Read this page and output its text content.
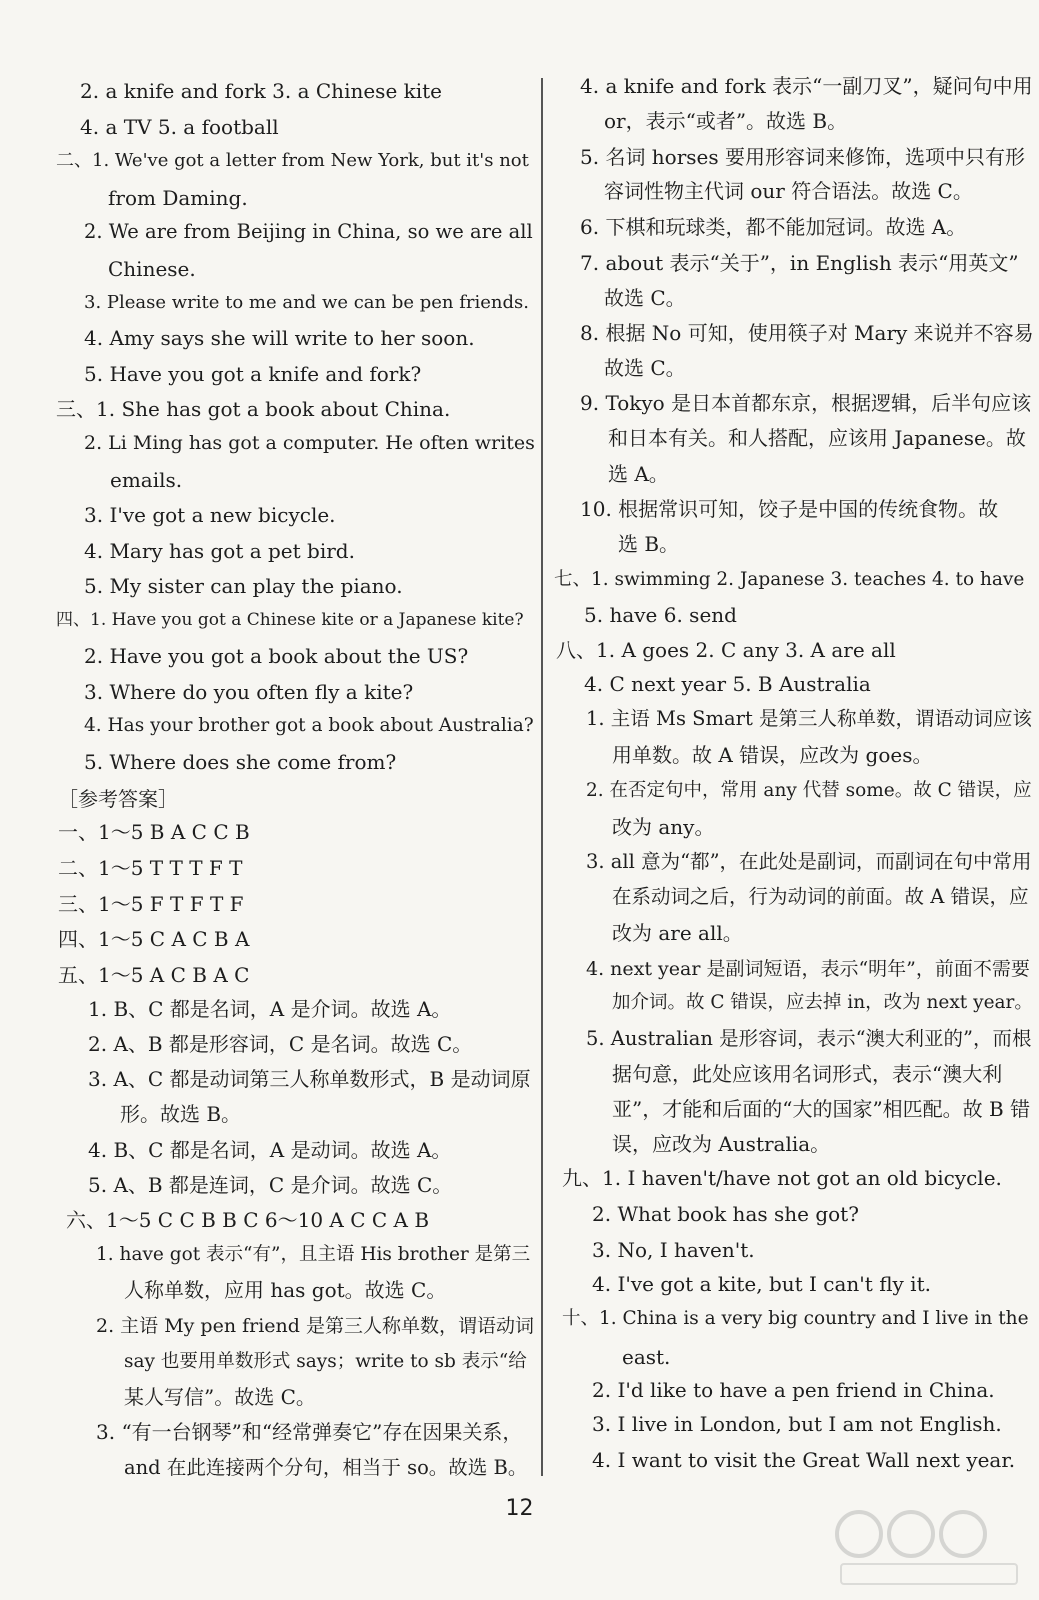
［参考答案］
2. a knife and fork 3. a Chinese kite
4. a TV 5. a football
二、1. We've got a letter from New York, but it's not
from Daming.
2. We are from Beijing in China, so we are all
Chinese.
3. Please write to me and we can be pen friends.
4. Amy says she will write to her soon.
5. Have you got a knife and fork?
三、1. She has got a book about China.
2. Li Ming has got a computer. He often writes
emails.
3. I've got a new bicycle.
4. Mary has got a pet bird.
5. My sister can play the piano.
四、1. Have you got a Chinese kite or a Japanese kite?
2. Have you got a book about the US?
3. Where do you often fly a kite?
4. Has your brother got a book about Australia?
5. Where does she come from?
一、1～5 B A C C B
二、1～5 T T T F T
三、1～5 F T F T F
四、1～5 C A C B A
五、1～5 A C B A C
1. B、C 都是名词，A 是介词。故选 A。
2. A、B 都是形容词，C 是名词。故选 C。
3. A、C 都是动词第三人称单数形式，B 是动词原
形。故选 B。
4. B、C 都是名词，A 是动词。故选 A。
5. A、B 都是连词，C 是介词。故选 C。
六、1～5 C C B B C 6～10 A C C A B
1. have got 表示“有”，且主语 His brother 是第三
人称单数，应用 has got。故选 C。
2. 主语 My pen friend 是第三人称单数，谓语动词
say 也要用单数形式 says；write to sb 表示“给
某人写信”。故选 C。
3. “有一台钢琴”和“经常弹奏它”存在因果关系，
and 在此连接两个分句，相当于 so。故选 B。
4. a knife and fork 表示“一副刀叉”，疑问句中用
or，表示“或者”。故选 B。
5. 名词 horses 要用形容词来修饰，选项中只有形
容词性物主代词 our 符合语法。故选 C。
6. 下棋和玩球类，都不能加冠词。故选 A。
7. about 表示“关于”，in English 表示“用英文”
故选 C。
8. 根据 No 可知，使用筷子对 Mary 来说并不容易
故选 C。
9. Tokyo 是日本首都东京，根据逻辑，后半句应该
和日本有关。和人搭配，应该用 Japanese。故
选 A。
10. 根据常识可知，饺子是中国的传统食物。故
选 B。
七、1. swimming 2. Japanese 3. teaches 4. to have
5. have 6. send
八、1. A goes 2. C any 3. A are all
4. C next year 5. B Australia
1. 主语 Ms Smart 是第三人称单数，谓语动词应该
用单数。故 A 错误，应改为 goes。
2. 在否定句中，常用 any 代替 some。故 C 错误，应
改为 any。
3. all 意为“都”，在此处是副词，而副词在句中常用
在系动词之后，行为动词的前面。故 A 错误，应
改为 are all。
4. next year 是副词短语，表示“明年”，前面不需要
加介词。故 C 错误，应去掉 in，改为 next year。
5. Australian 是形容词，表示“澳大利亚的”，而根
据句意，此处应该用名词形式，表示“澳大利
亚”，才能和后面的“大的国家”相匹配。故 B 错
误，应改为 Australia。
九、1. I haven't/have not got an old bicycle.
2. What book has she got?
3. No, I haven't.
4. I've got a kite, but I can't fly it.
十、1. China is a very big country and I live in the
east.
2. I'd like to have a pen friend in China.
3. I live in London, but I am not English.
4. I want to visit the Great Wall next year.
12
